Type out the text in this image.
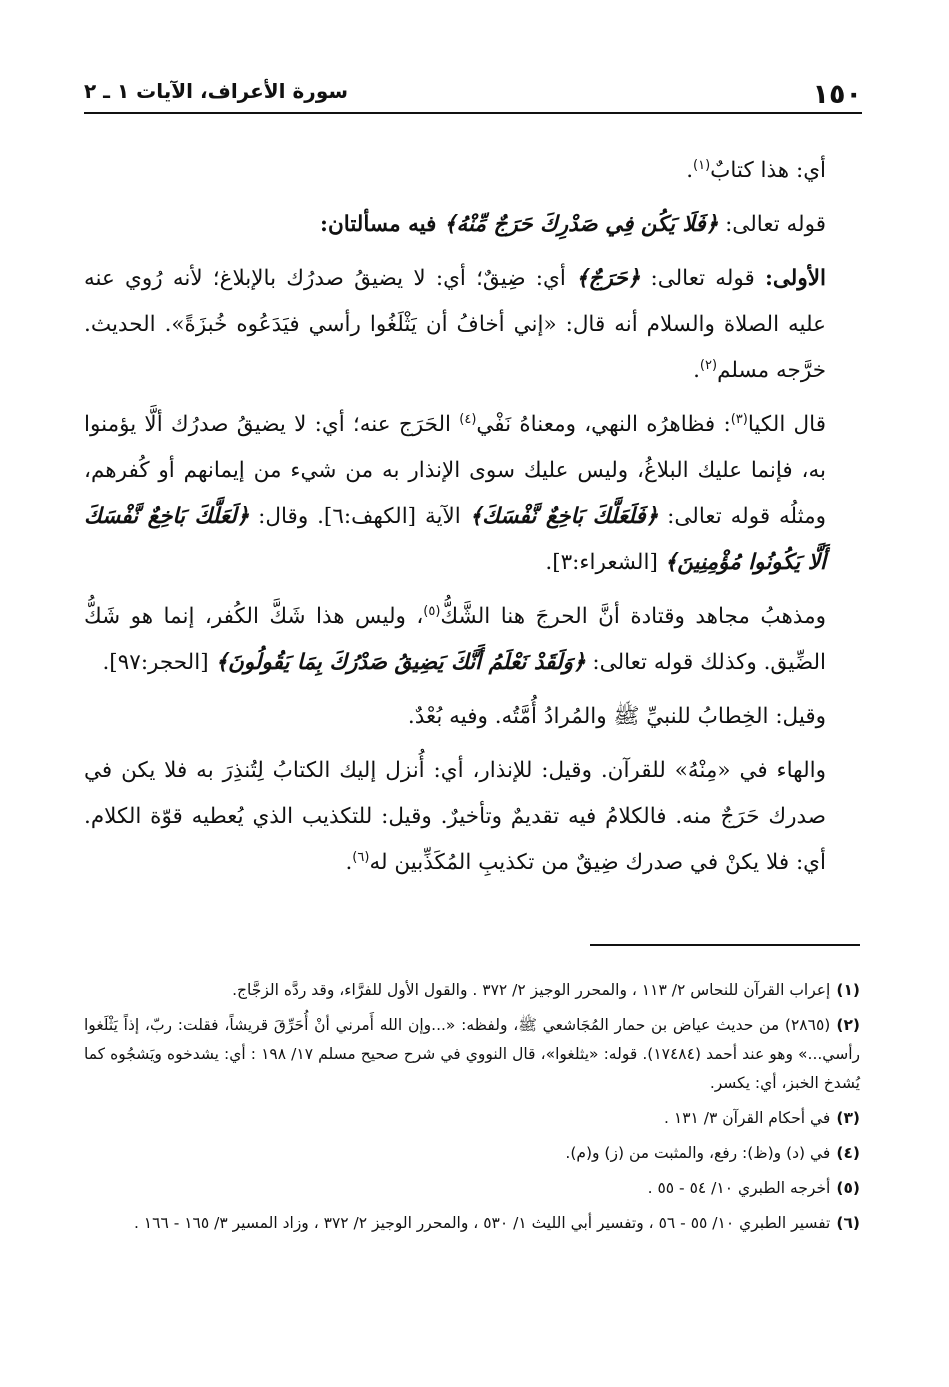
١٥٠
سورة الأعراف، الآيات ١ ـ ٢

أي: هذا كتابٌ$^{(١)}$.

قوله تعالى: ﴿فَلَا يَكُن فِي صَدْرِكَ حَرَجٌ مِّنْهُ﴾ فيه مسألتان:

الأولى: قوله تعالى: ﴿حَرَجٌ﴾ أي: ضِيقٌ؛ أي: لا يضيقُ صدرُك بالإبلاغ؛ لأنه رُوي عنه عليه الصلاة والسلام أنه قال: «إني أخافُ أن يَثْلَغُوا رأسي فيَدَعُوه خُبزَةً». الحديث. خرَّجه مسلم$^{(٢)}$.

قال الكيا$^{(٣)}$: فظاهرُه النهي، ومعناهُ نَفْي$^{(٤)}$ الحَرَج عنه؛ أي: لا يضيقُ صدرُك ألَّا يؤمنوا به، فإنما عليك البلاغُ، وليس عليك سوى الإنذار به من شيء من إيمانهم أو كُفرهم، ومثلُه قوله تعالى: ﴿فَلَعَلَّكَ بَاخِعٌ نَّفْسَكَ﴾ الآية [الكهف:٦]. وقال: ﴿لَعَلَّكَ بَاخِعٌ نَّفْسَكَ أَلَّا يَكُونُوا مُؤْمِنِينَ﴾ [الشعراء:٣].

ومذهبُ مجاهد وقتادة أنَّ الحرجَ هنا الشَّكُّ$^{(٥)}$، وليس هذا شَكَّ الكُفر، إنما هو شَكُّ الضِّيق. وكذلك قوله تعالى: ﴿وَلَقَدْ نَعْلَمُ أَنَّكَ يَضِيقُ صَدْرُكَ بِمَا يَقُولُونَ﴾ [الحجر:٩٧].

وقيل: الخِطابُ للنبيِّ ﷺ والمُرادُ أُمَّتُه. وفيه بُعْدٌ.

والهاء في «مِنْهُ» للقرآن. وقيل: للإنذار، أي: أُنزل إليك الكتابُ لِتُنذِرَ به فلا يكن في صدرك حَرَجٌ منه. فالكلامُ فيه تقديمٌ وتأخيرٌ. وقيل: للتكذيب الذي يُعطيه قوّة الكلام. أي: فلا يكنْ في صدرك ضِيقٌ من تكذيبِ المُكَذِّبين له$^{(٦)}$.

(١)إعراب القرآن للنحاس ٢/ ١١٣ ، والمحرر الوجيز ٢/ ٣٧٢ . والقول الأول للفرَّاء، وقد ردَّه الزجَّاج.
(٢)(٢٨٦٥) من حديث عياض بن حمار المُجَاشعي ﷺ، ولفظه: «...وإن الله أَمرني أنْ أُحَرِّقَ قريشاً، فقلت: ربّ، إذاً يَثْلَغوا رأسي...» وهو عند أحمد (١٧٤٨٤). قوله: «يثلغوا»، قال النووي في شرح صحيح مسلم ١٧/ ١٩٨ : أي: يشدخوه ويَشجُوه كما يُشدخ الخبز، أي: يكسر.
(٣)في أحكام القرآن ٣/ ١٣١ .
(٤)في (د) و(ظ): رفع، والمثبت من (ز) و(م).
(٥)أخرجه الطبري ١٠/ ٥٤ - ٥٥ .
(٦)تفسير الطبري ١٠/ ٥٥ - ٥٦ ، وتفسير أبي الليث ١/ ٥٣٠ ، والمحرر الوجيز ٢/ ٣٧٢ ، وزاد المسير ٣/ ١٦٥ - ١٦٦ .
